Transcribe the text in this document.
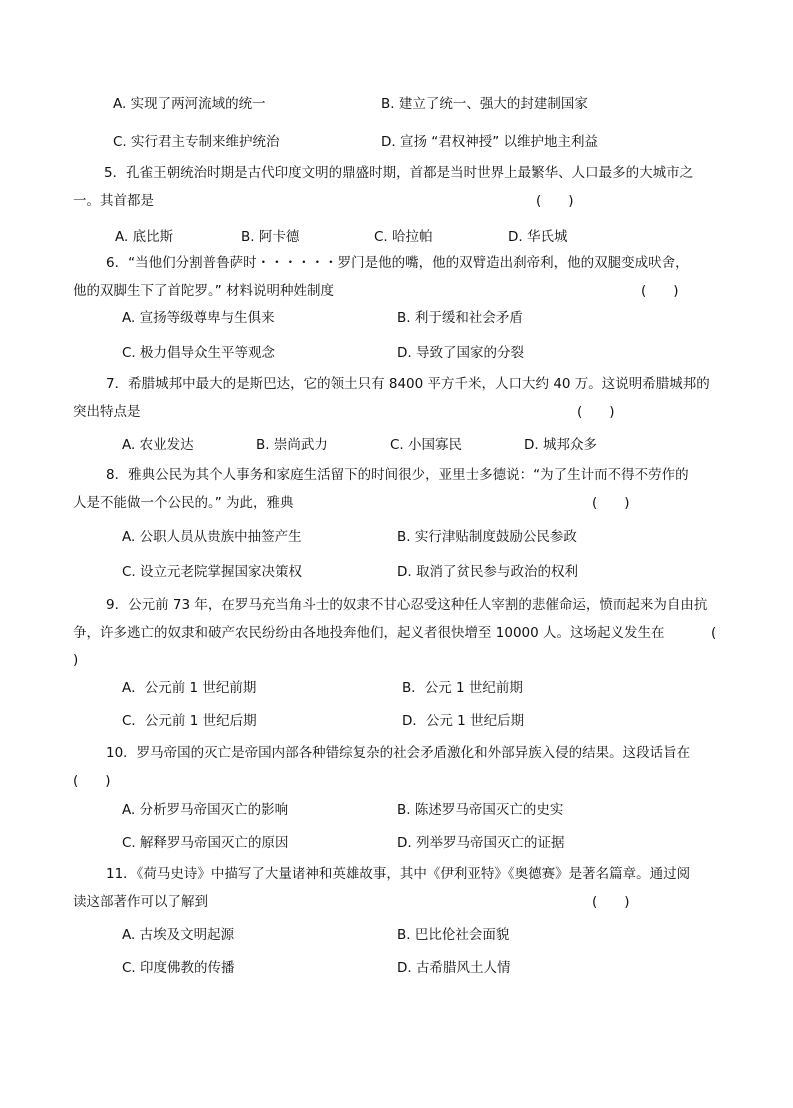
A. 实现了两河流域的统一	B. 建立了统一、强大的封建制国家
C. 实行君主专制来维护统治	D. 宣扬 “君权神授” 以维护地主利益
5．孔雀王朝统治时期是古代印度文明的鼎盛时期，首都是当时世界上最繁华、人口最多的大城市之
一。其首都是	(　　)
A. 底比斯	B. 阿卡德	C. 哈拉帕	D. 华氏城
6．“当他们分割普鲁萨时・・・・・・罗门是他的嘴，他的双臂造出刹帝利，他的双腿变成吠舍，
他的双脚生下了首陀罗。” 材料说明种姓制度	(　　)
A. 宣扬等级尊卑与生俱来	B. 利于缓和社会矛盾
C. 极力倡导众生平等观念	D. 导致了国家的分裂
7．希腊城邦中最大的是斯巴达，它的领土只有 8400 平方千米，人口大约 40 万。这说明希腊城邦的
突出特点是	(　　)
A. 农业发达	B. 崇尚武力	C. 小国寡民	D. 城邦众多
8．雅典公民为其个人事务和家庭生活留下的时间很少，亚里士多德说：“为了生计而不得不劳作的
人是不能做一个公民的。” 为此，雅典	(　　)
A. 公职人员从贵族中抽签产生	B. 实行津贴制度鼓励公民参政
C. 设立元老院掌握国家决策权	D. 取消了贫民参与政治的权利
9．公元前 73 年，在罗马充当角斗士的奴隶不甘心忍受这种任人宰割的悲催命运，愤而起来为自由抗
争，许多逃亡的奴隶和破产农民纷纷由各地投奔他们，起义者很快增至 10000 人。这场起义发生在	(
)
A．公元前 1 世纪前期	B．公元 1 世纪前期
C．公元前 1 世纪后期	D．公元 1 世纪后期
10．罗马帝国的灭亡是帝国内部各种错综复杂的社会矛盾激化和外部异族入侵的结果。这段话旨在
(　　)
A. 分析罗马帝国灭亡的影响	B. 陈述罗马帝国灭亡的史实
C. 解释罗马帝国灭亡的原因	D. 列举罗马帝国灭亡的证据
11．《荷马史诗》中描写了大量诸神和英雄故事，其中《伊利亚特》《奥德赛》是著名篇章。通过阅
读这部著作可以了解到	(　　)
A. 古埃及文明起源	B. 巴比伦社会面貌
C. 印度佛教的传播	D. 古希腊风土人情
